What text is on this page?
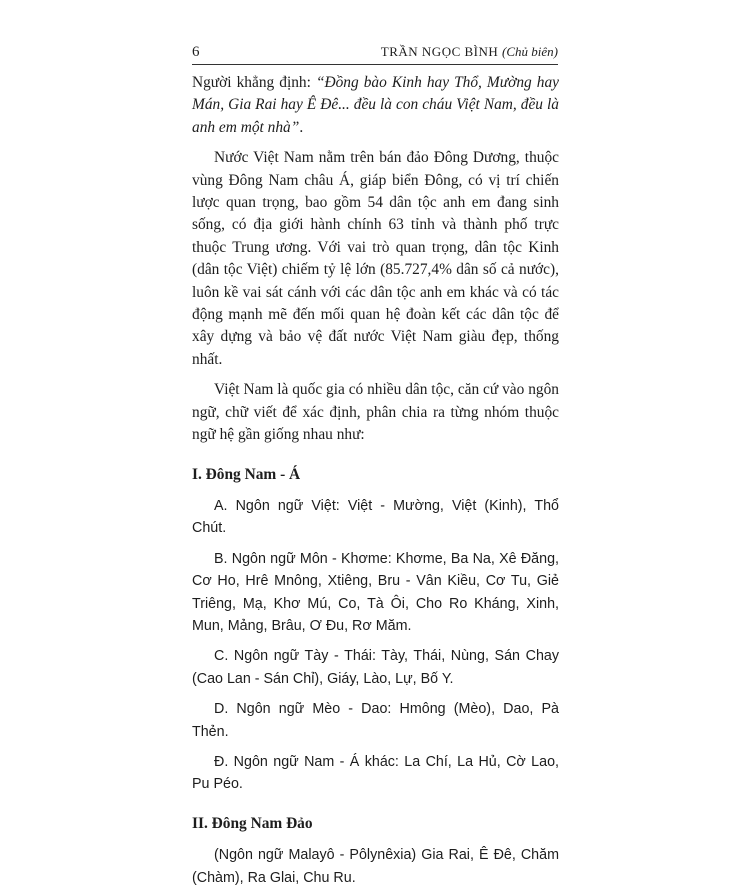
6	TRẦN NGỌC BÌNH (Chủ biên)

Người khẳng định: “Đồng bào Kinh hay Thổ, Mường hay Mán, Gia Rai hay Ê Đê... đều là con cháu Việt Nam, đều là anh em một nhà”.

Nước Việt Nam nằm trên bán đảo Đông Dương, thuộc vùng Đông Nam châu Á, giáp biển Đông, có vị trí chiến lược quan trọng, bao gồm 54 dân tộc anh em đang sinh sống, có địa giới hành chính 63 tỉnh và thành phố trực thuộc Trung ương. Với vai trò quan trọng, dân tộc Kinh (dân tộc Việt) chiếm tỷ lệ lớn (85.727,4% dân số cả nước), luôn kề vai sát cánh với các dân tộc anh em khác và có tác động mạnh mẽ đến mối quan hệ đoàn kết các dân tộc để xây dựng và bảo vệ đất nước Việt Nam giàu đẹp, thống nhất.

Việt Nam là quốc gia có nhiều dân tộc, căn cứ vào ngôn ngữ, chữ viết để xác định, phân chia ra từng nhóm thuộc ngữ hệ gần giống nhau như:

I. Đông Nam - Á

A. Ngôn ngữ Việt: Việt - Mường, Việt (Kinh), Thổ Chút.

B. Ngôn ngữ Môn - Khơme: Khơme, Ba Na, Xê Đăng, Cơ Ho, Hrê Mnông, Xtiêng, Bru - Vân Kiều, Cơ Tu, Giẻ Triêng, Mạ, Khơ Mú, Co, Tà Ôi, Cho Ro Kháng, Xinh, Mun, Mảng, Brâu, Ơ Đu, Rơ Măm.

C. Ngôn ngữ Tày - Thái: Tày, Thái, Nùng, Sán Chay (Cao Lan - Sán Chỉ), Giáy, Lào, Lự, Bố Y.

D. Ngôn ngữ Mèo - Dao: Hmông (Mèo), Dao, Pà Thẻn.

Đ. Ngôn ngữ Nam - Á khác: La Chí, La Hủ, Cờ Lao, Pu Péo.

II. Đông Nam Đảo

(Ngôn ngữ Malayô - Pôlynêxia) Gia Rai, Ê Đê, Chăm (Chàm), Ra Glai, Chu Ru.
